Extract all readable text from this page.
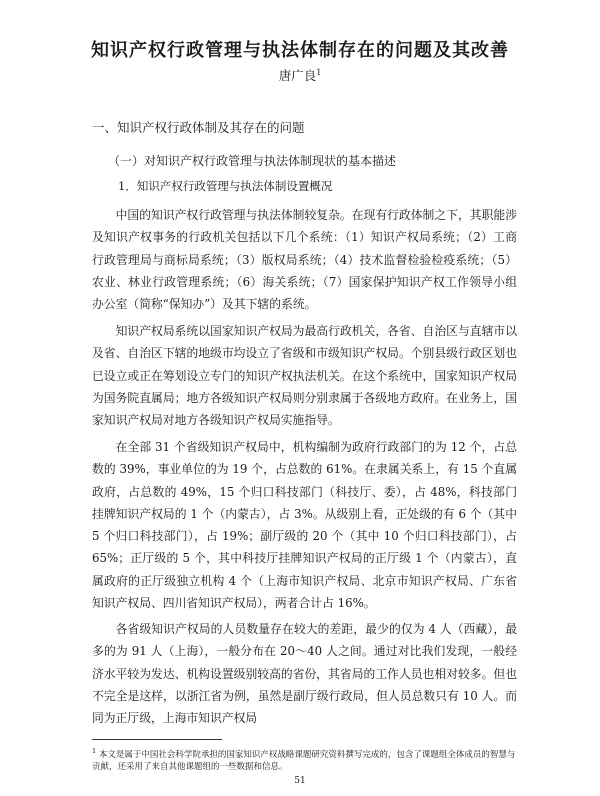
知识产权行政管理与执法体制存在的问题及其改善
唐广良$^1$
一、知识产权行政体制及其存在的问题
（一）对知识产权行政管理与执法体制现状的基本描述
1．知识产权行政管理与执法体制设置概况

中国的知识产权行政管理与执法体制较复杂。在现有行政体制之下，其职能涉及知识产权事务的行政机关包括以下几个系统：（1）知识产权局系统；（2）工商行政管理局与商标局系统；（3）版权局系统；（4）技术监督检验检疫系统；（5）农业、林业行政管理系统；（6）海关系统；（7）国家保护知识产权工作领导小组办公室（简称“保知办”）及其下辖的系统。

知识产权局系统以国家知识产权局为最高行政机关，各省、自治区与直辖市以及省、自治区下辖的地级市均设立了省级和市级知识产权局。个别县级行政区划也已设立或正在筹划设立专门的知识产权执法机关。在这个系统中，国家知识产权局为国务院直属局；地方各级知识产权局则分别隶属于各级地方政府。在业务上，国家知识产权局对地方各级知识产权局实施指导。

在全部 31 个省级知识产权局中，机构编制为政府行政部门的为 12 个，占总数的 39%，事业单位的为 19 个，占总数的 61%。在隶属关系上，有 15 个直属政府，占总数的 49%，15 个归口科技部门（科技厅、委），占 48%，科技部门挂牌知识产权局的 1 个（内蒙古），占 3%。从级别上看，正处级的有 6 个（其中 5 个归口科技部门），占 19%；副厅级的 20 个（其中 10 个归口科技部门），占 65%；正厅级的 5 个，其中科技厅挂牌知识产权局的正厅级 1 个（内蒙古），直属政府的正厅级独立机构 4 个（上海市知识产权局、北京市知识产权局、广东省知识产权局、四川省知识产权局），两者合计占 16%。

各省级知识产权局的人员数量存在较大的差距，最少的仅为 4 人（西藏），最多的为 91 人（上海），一般分布在 20～40 人之间。通过对比我们发现，一般经济水平较为发达、机构设置级别较高的省份，其省局的工作人员也相对较多。但也不完全是这样，以浙江省为例，虽然是副厅级行政局，但人员总数只有 10 人。而同为正厅级，上海市知识产权局

$^1$ 本文是属于中国社会科学院承担的国家知识产权战略课题研究资料撰写完成的，包含了课题组全体成员的智慧与贡献，还采用了来自其他课题组的一些数据和信息。

51
